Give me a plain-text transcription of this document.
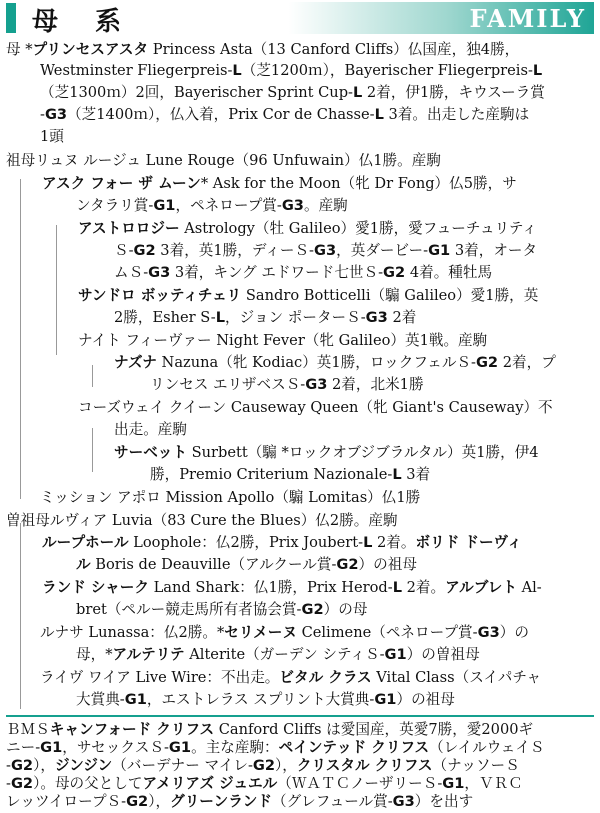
母 系	FAMILY
母 *プリンセスアスタ Princess Asta（13 Canford Cliffs）仏国産，独4勝，
Westminster Fliegerpreis-L（芝1200ｍ），Bayerischer Fliegerpreis-L
（芝1300ｍ）2回，Bayerischer Sprint Cup-L 2着，伊1勝，キウスーラ賞
-G3（芝1400ｍ），仏入着，Prix Cor de Chasse-L 3着。出走した産駒は
1頭
祖母リュヌ ルージュ Lune Rouge（96 Unfuwain）仏1勝。産駒
アスク フォー ザ ムーン* Ask for the Moon（牝 Dr Fong）仏5勝，サ
ンタラリ賞-G1，ペネロープ賞-G3。産駒
アストロロジー Astrology（牡 Galileo）愛1勝，愛フューチュリティ
Ｓ-G2 3着，英1勝，ディーＳ-G3，英ダービー-G1 3着，オータ
ムＳ-G3 3着，キング エドワード七世Ｓ-G2 4着。種牡馬
サンドロ ボッティチェリ Sandro Botticelli（騸 Galileo）愛1勝，英
2勝，Esher S-L，ジョン ポーターＳ-G3 2着
ナイト フィーヴァー Night Fever（牝 Galileo）英1戦。産駒
ナズナ Nazuna（牝 Kodiac）英1勝，ロックフェルＳ-G2 2着，プ
リンセス エリザベスＳ-G3 2着，北米1勝
コーズウェイ クイーン Causeway Queen（牝 Giant's Causeway）不
出走。産駒
サーベット Surbett（騸 *ロックオブジブラルタル）英1勝，伊4
勝，Premio Criterium Nazionale-L 3着
ミッション アポロ Mission Apollo（騸 Lomitas）仏1勝
曽祖母ルヴィア Luvia（83 Cure the Blues）仏2勝。産駒
ループホール Loophole：仏2勝，Prix Joubert-L 2着。ボリド ドーヴィ
ル Boris de Deauville（アルクール賞-G2）の祖母
ランド シャーク Land Shark：仏1勝，Prix Herod-L 2着。アルブレト Al-
bret（ペルー競走馬所有者協会賞-G2）の母
ルナサ Lunassa：仏2勝。*セリメーヌ Celimene（ペネロープ賞-G3）の
母，*アルテリテ Alterite（ガーデン シティＳ-G1）の曽祖母
ライヴ ワイア Live Wire：不出走。ビタル クラス Vital Class（スイパチャ
大賞典-G1，エストレラス スプリント大賞典-G1）の祖母
ＢＭＳキャンフォード クリフス Canford Cliffs は愛国産，英愛7勝，愛2000ギ
ニー-G1，サセックスＳ-G1。主な産駒：ペインテッド クリフス（レイルウェイＳ
-G2），ジンジン（バーデナー マイレ-G2），クリスタル クリフス（ナッソーＳ
-G2）。母の父としてアメリアズ ジュエル（ＷＡＴＣノーザリーＳ-G1，ＶＲＣ
レッツイロープＳ-G2），グリーンランド（グレフュール賞-G3）を出す
